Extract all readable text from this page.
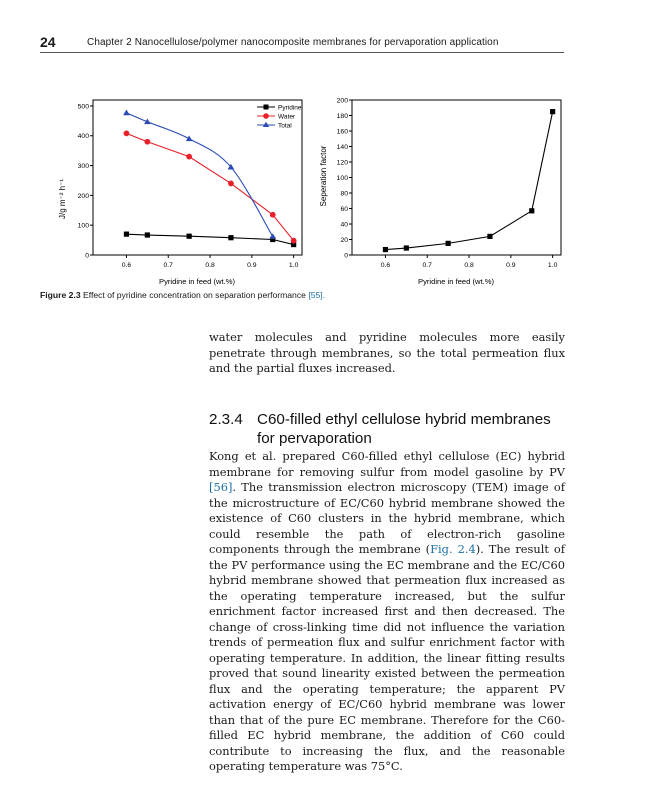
24	Chapter 2 Nanocellulose/polymer nanocomposite membranes for pervaporation application
0.6	0.7	0.8	0.9	1.0
0
100
200
300
400
500	Pyridine
Water
Total
J/g m⁻² h⁻¹
0.6	0.7	0.8	0.9	1.0
0
20
40
60
80
100
120
140
160
180
200
Seperation factor
Pyridine in feed (wt.%)	Pyridine in feed (wt.%)
Figure 2.3 Effect of pyridine concentration on separation performance [55].
water molecules and pyridine molecules more easily penetrate through membranes, so the total permeation flux and the partial fluxes increased.
2.3.4 C60-filled ethyl cellulose hybrid membranes for pervaporation
Kong et al. prepared C60-filled ethyl cellulose (EC) hybrid membrane for removing sulfur from model gasoline by PV [56]. The transmission electron microscopy (TEM) image of the microstructure of EC/C60 hybrid membrane showed the existence of C60 clusters in the hybrid membrane, which could resemble the path of electron-rich gasoline components through the membrane (Fig. 2.4). The result of the PV performance using the EC membrane and the EC/C60 hybrid membrane showed that permeation flux increased as the operating temperature increased, but the sulfur enrichment factor increased first and then decreased. The change of cross-linking time did not influence the variation trends of permeation flux and sulfur enrichment factor with operating temperature. In addition, the linear fitting results proved that sound linearity existed between the permeation flux and the operating temperature; the apparent PV activation energy of EC/C60 hybrid membrane was lower than that of the pure EC membrane. Therefore for the C60-filled EC hybrid membrane, the addition of C60 could contribute to increasing the flux, and the reasonable operating temperature was 75°C.
